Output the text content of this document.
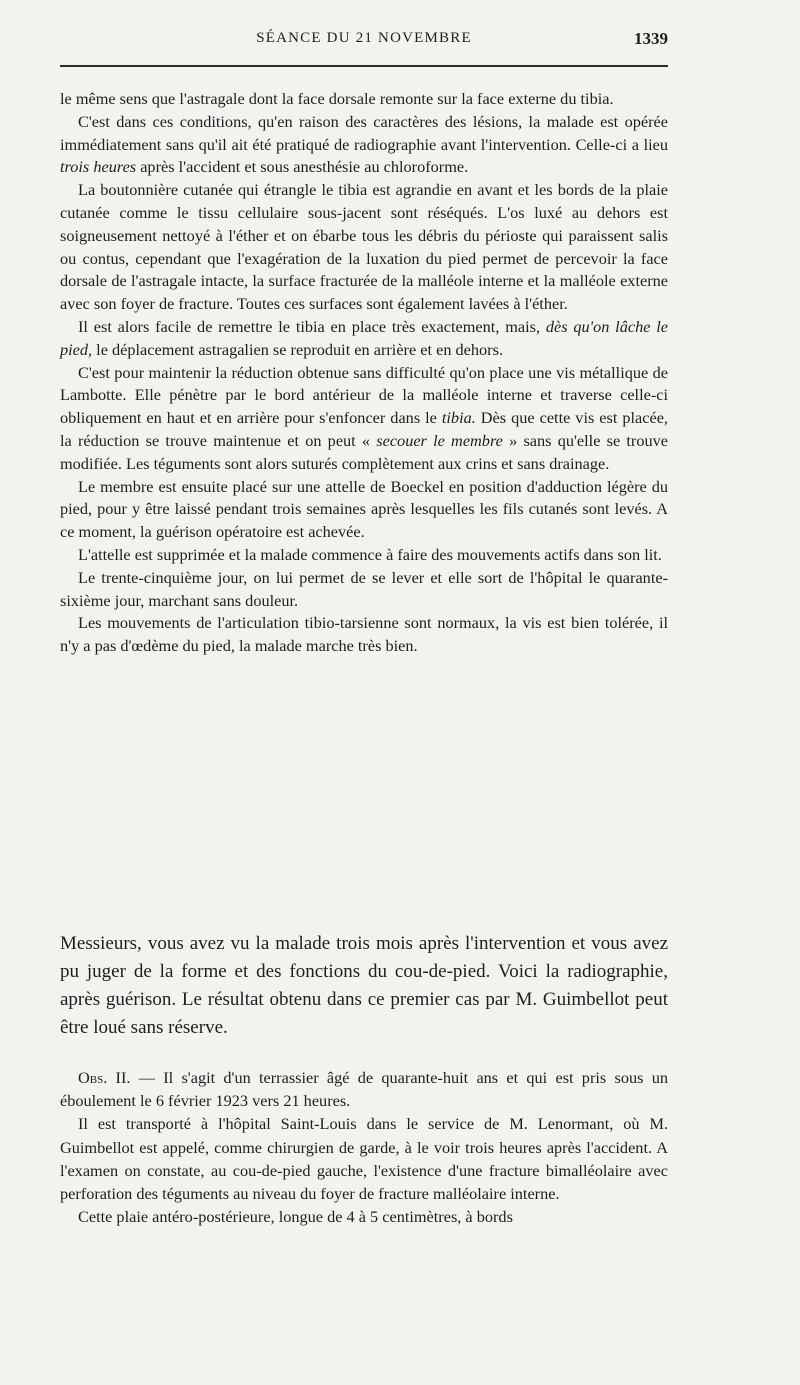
SÉANCE DU 21 NOVEMBRE	1339

le même sens que l'astragale dont la face dorsale remonte sur la face externe du tibia.

C'est dans ces conditions, qu'en raison des caractères des lésions, la malade est opérée immédiatement sans qu'il ait été pratiqué de radiographie avant l'intervention. Celle-ci a lieu trois heures après l'accident et sous anesthésie au chloroforme.

La boutonnière cutanée qui étrangle le tibia est agrandie en avant et les bords de la plaie cutanée comme le tissu cellulaire sous-jacent sont réséqués. L'os luxé au dehors est soigneusement nettoyé à l'éther et on ébarbe tous les débris du périoste qui paraissent salis ou contus, cependant que l'exagération de la luxation du pied permet de percevoir la face dorsale de l'astragale intacte, la surface fracturée de la malléole interne et la malléole externe avec son foyer de fracture. Toutes ces surfaces sont également lavées à l'éther.

Il est alors facile de remettre le tibia en place très exactement, mais, dès qu'on lâche le pied, le déplacement astragalien se reproduit en arrière et en dehors.

C'est pour maintenir la réduction obtenue sans difficulté qu'on place une vis métallique de Lambotte. Elle pénètre par le bord antérieur de la malléole interne et traverse celle-ci obliquement en haut et en arrière pour s'enfoncer dans le tibia. Dès que cette vis est placée, la réduction se trouve maintenue et on peut « secouer le membre » sans qu'elle se trouve modifiée. Les téguments sont alors suturés complètement aux crins et sans drainage.

Le membre est ensuite placé sur une attelle de Boeckel en position d'adduction légère du pied, pour y être laissé pendant trois semaines après lesquelles les fils cutanés sont levés. A ce moment, la guérison opératoire est achevée.

L'attelle est supprimée et la malade commence à faire des mouvements actifs dans son lit.

Le trente-cinquième jour, on lui permet de se lever et elle sort de l'hôpital le quarante-sixième jour, marchant sans douleur.

Les mouvements de l'articulation tibio-tarsienne sont normaux, la vis est bien tolérée, il n'y a pas d'œdème du pied, la malade marche très bien.

Messieurs, vous avez vu la malade trois mois après l'intervention et vous avez pu juger de la forme et des fonctions du cou-de-pied. Voici la radiographie, après guérison. Le résultat obtenu dans ce premier cas par M. Guimbellot peut être loué sans réserve.

Obs. II. — Il s'agit d'un terrassier âgé de quarante-huit ans et qui est pris sous un éboulement le 6 février 1923 vers 21 heures.

Il est transporté à l'hôpital Saint-Louis dans le service de M. Lenormant, où M. Guimbellot est appelé, comme chirurgien de garde, à le voir trois heures après l'accident. A l'examen on constate, au cou-de-pied gauche, l'existence d'une fracture bimalléolaire avec perforation des téguments au niveau du foyer de fracture malléolaire interne.

Cette plaie antéro-postérieure, longue de 4 à 5 centimètres, à bords
